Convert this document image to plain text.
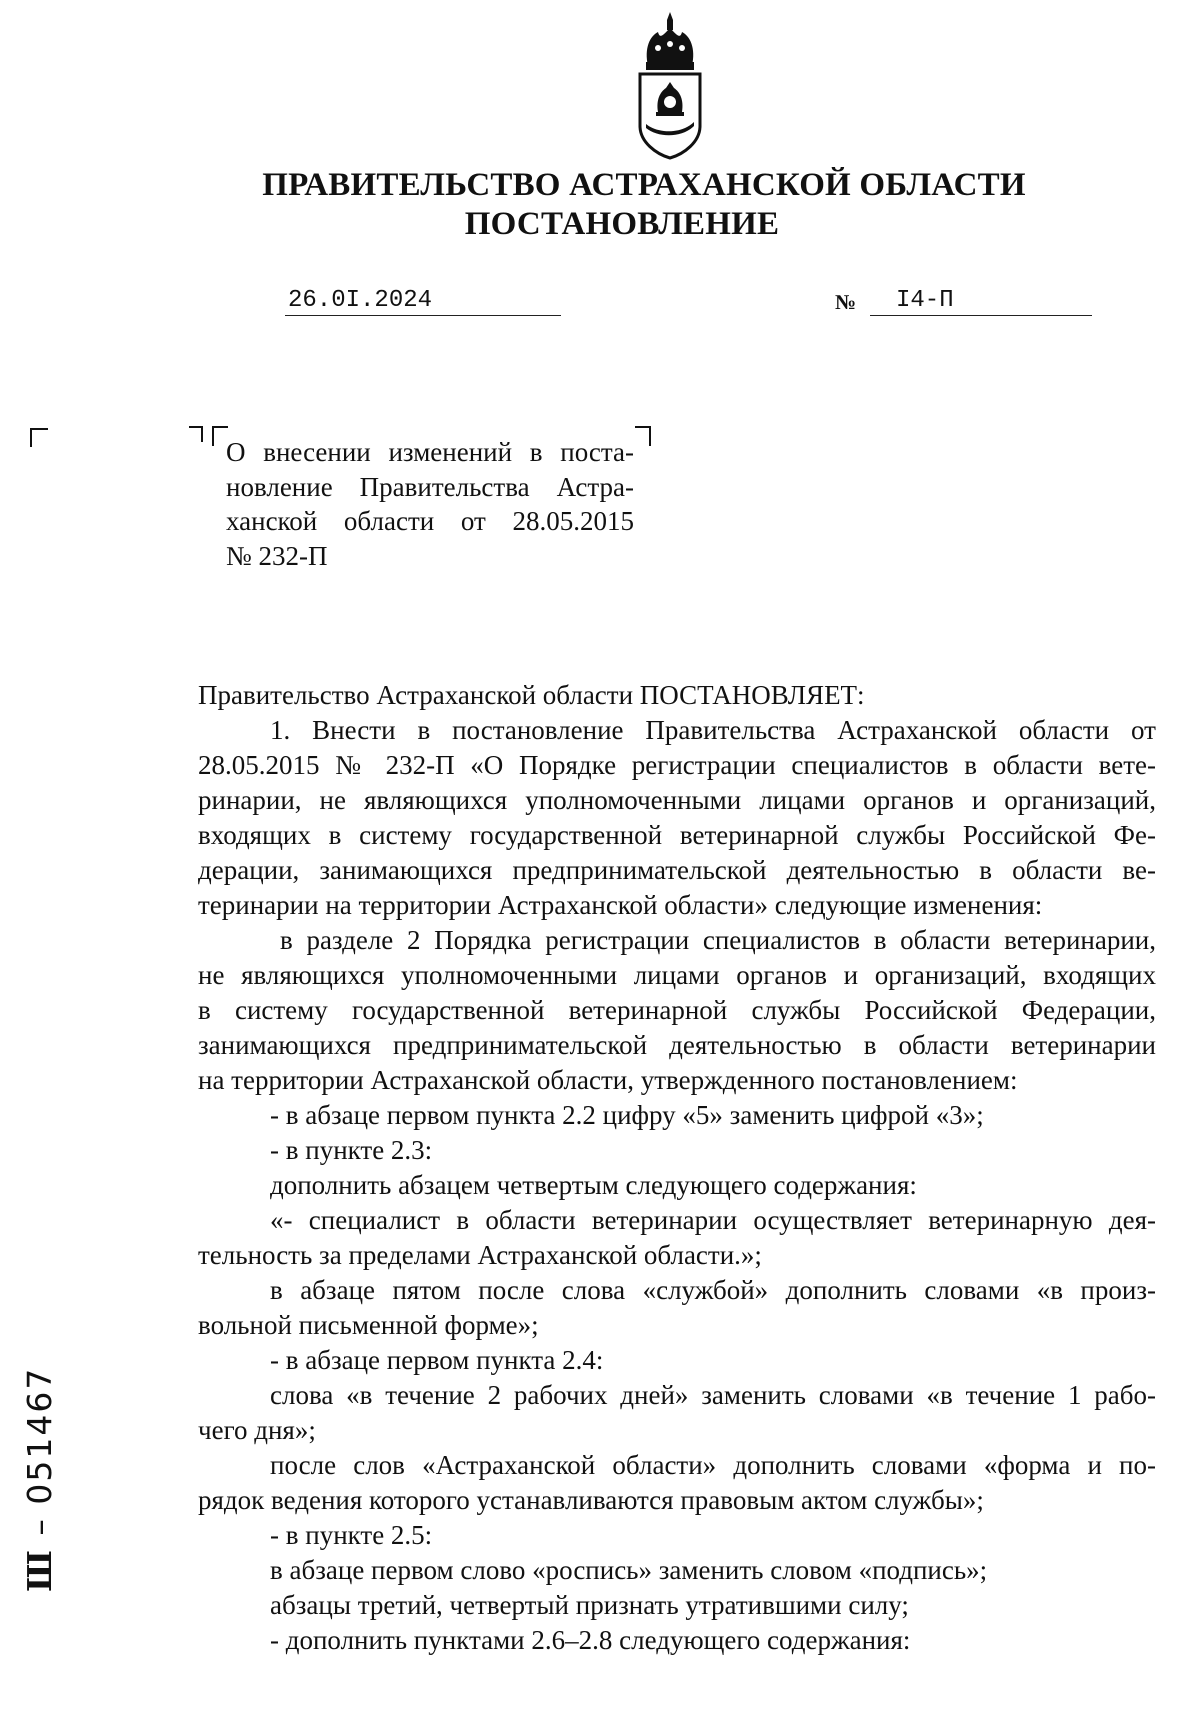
ПРАВИТЕЛЬСТВО АСТРАХАНСКОЙ ОБЛАСТИ
ПОСТАНОВЛЕНИЕ
26.0I.2024	№ I4-П
О внесении изменений в поста-
новление Правительства Астра-
ханской области от 28.05.2015
№ 232-П
Правительство Астраханской области ПОСТАНОВЛЯЕТ:
1. Внести в постановление Правительства Астраханской области от
28.05.2015 № 232-П «О Порядке регистрации специалистов в области вете-
ринарии, не являющихся уполномоченными лицами органов и организаций,
входящих в систему государственной ветеринарной службы Российской Фе-
дерации, занимающихся предпринимательской деятельностью в области ве-
теринарии на территории Астраханской области» следующие изменения:
в разделе 2 Порядка регистрации специалистов в области ветеринарии,
не являющихся уполномоченными лицами органов и организаций, входящих
в систему государственной ветеринарной службы Российской Федерации,
занимающихся предпринимательской деятельностью в области ветеринарии
на территории Астраханской области, утвержденного постановлением:
- в абзаце первом пункта 2.2 цифру «5» заменить цифрой «3»;
- в пункте 2.3:
дополнить абзацем четвертым следующего содержания:
«- специалист в области ветеринарии осуществляет ветеринарную дея-
тельность за пределами Астраханской области.»;
в абзаце пятом после слова «службой» дополнить словами «в произ-
вольной письменной форме»;
- в абзаце первом пункта 2.4:
слова «в течение 2 рабочих дней» заменить словами «в течение 1 рабо-
чего дня»;
после слов «Астраханской области» дополнить словами «форма и по-
рядок ведения которого устанавливаются правовым актом службы»;
- в пункте 2.5:
в абзаце первом слово «роспись» заменить словом «подпись»;
абзацы третий, четвертый признать утратившими силу;
- дополнить пунктами 2.6–2.8 следующего содержания:
Ш – 051467
